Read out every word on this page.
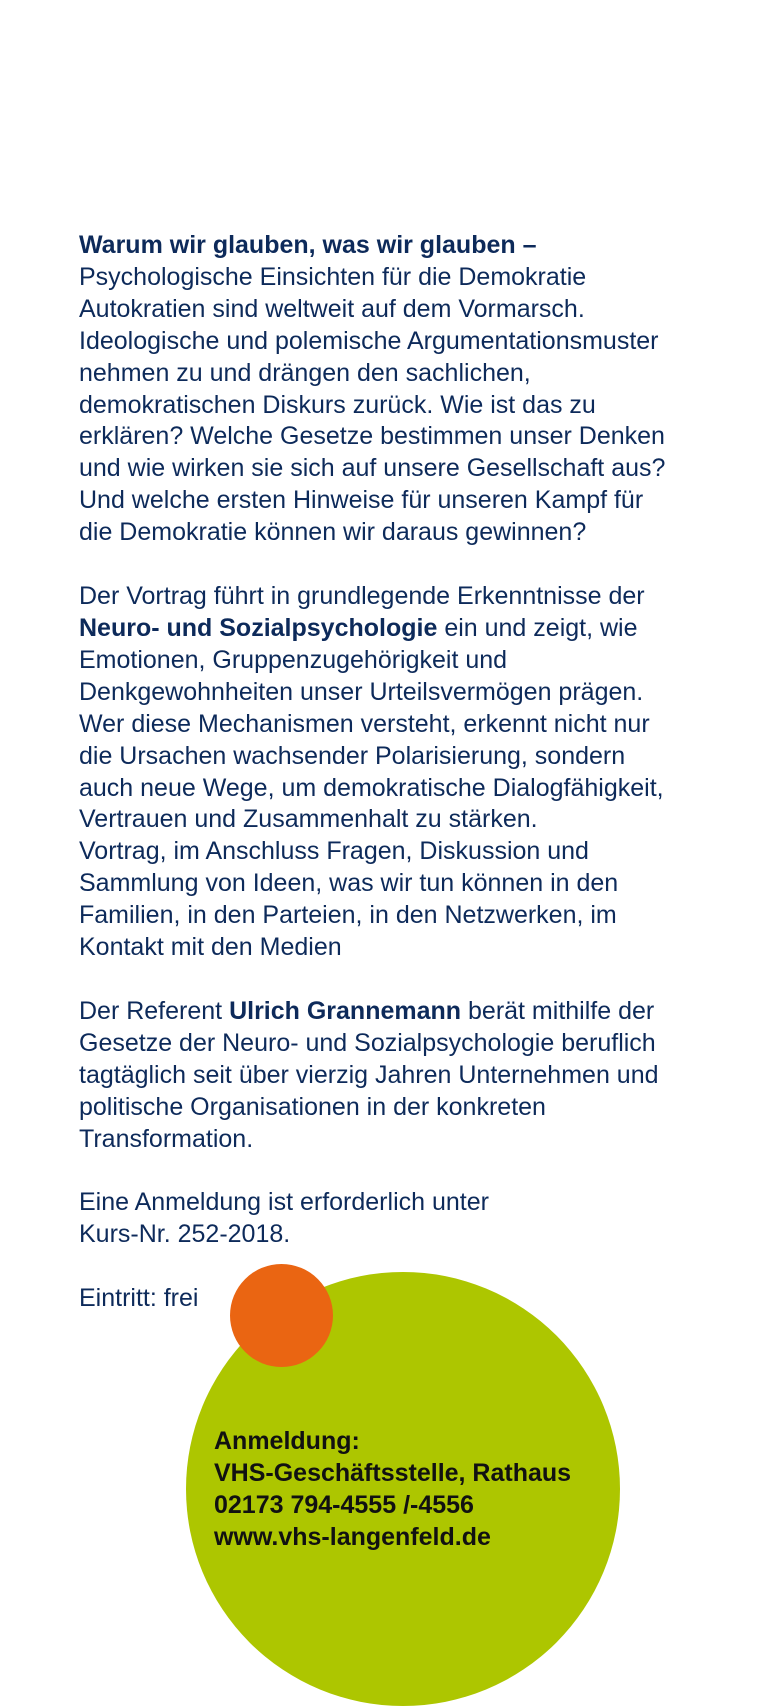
Warum wir glauben, was wir glauben –
Psychologische Einsichten für die Demokratie
Autokratien sind weltweit auf dem Vormarsch.
Ideologische und polemische Argumentationsmuster
nehmen zu und drängen den sachlichen,
demokratischen Diskurs zurück. Wie ist das zu
erklären? Welche Gesetze bestimmen unser Denken
und wie wirken sie sich auf unsere Gesellschaft aus?
Und welche ersten Hinweise für unseren Kampf für
die Demokratie können wir daraus gewinnen?
Der Vortrag führt in grundlegende Erkenntnisse der
Neuro- und Sozialpsychologie ein und zeigt, wie
Emotionen, Gruppenzugehörigkeit und
Denkgewohnheiten unser Urteilsvermögen prägen.
Wer diese Mechanismen versteht, erkennt nicht nur
die Ursachen wachsender Polarisierung, sondern
auch neue Wege, um demokratische Dialogfähigkeit,
Vertrauen und Zusammenhalt zu stärken.
Vortrag, im Anschluss Fragen, Diskussion und
Sammlung von Ideen, was wir tun können in den
Familien, in den Parteien, in den Netzwerken, im
Kontakt mit den Medien
Der Referent Ulrich Grannemann berät mithilfe der
Gesetze der Neuro- und Sozialpsychologie beruflich
tagtäglich seit über vierzig Jahren Unternehmen und
politische Organisationen in der konkreten
Transformation.
Eine Anmeldung ist erforderlich unter
Kurs-Nr. 252-2018.
Eintritt: frei
Anmeldung:
VHS-Geschäftsstelle, Rathaus
02173 794-4555 /-4556
www.vhs-langenfeld.de
